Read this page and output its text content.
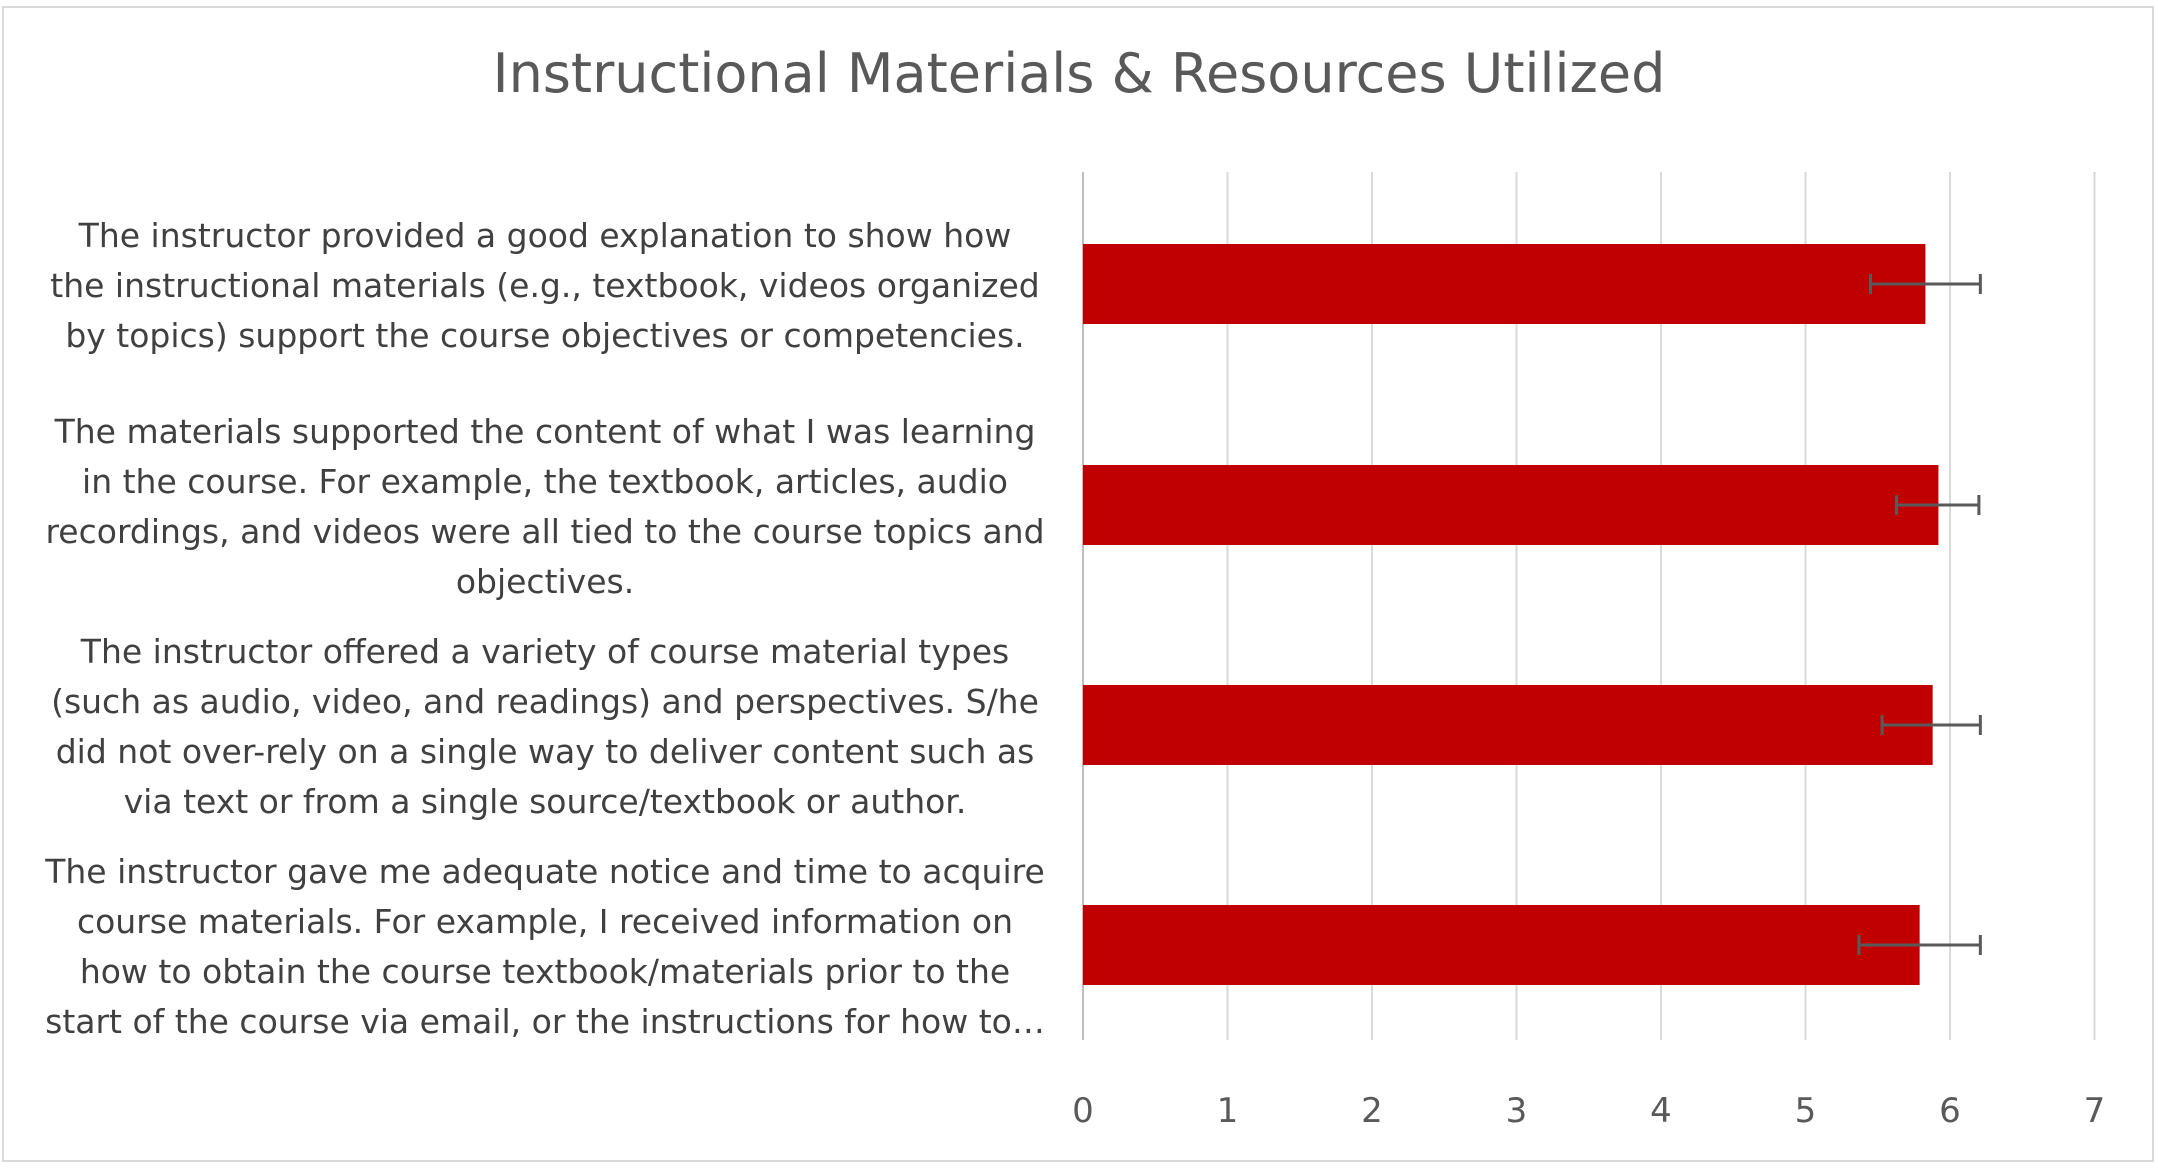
Instructional Materials & Resources Utilized
The instructor provided a good explanation to show how
the instructional materials (e.g., textbook, videos organized
by topics) support the course objectives or competencies.
The materials supported the content of what I was learning
in the course. For example, the textbook, articles, audio
recordings, and videos were all tied to the course topics and
objectives.
The instructor offered a variety of course material types
(such as audio, video, and readings) and perspectives. S/he
did not over-rely on a single way to deliver content such as
via text or from a single source/textbook or author.
The instructor gave me adequate notice and time to acquire
course materials. For example, I received information on
how to obtain the course textbook/materials prior to the
start of the course via email, or the instructions for how to…
0	1	2	3	4	5	6	7
